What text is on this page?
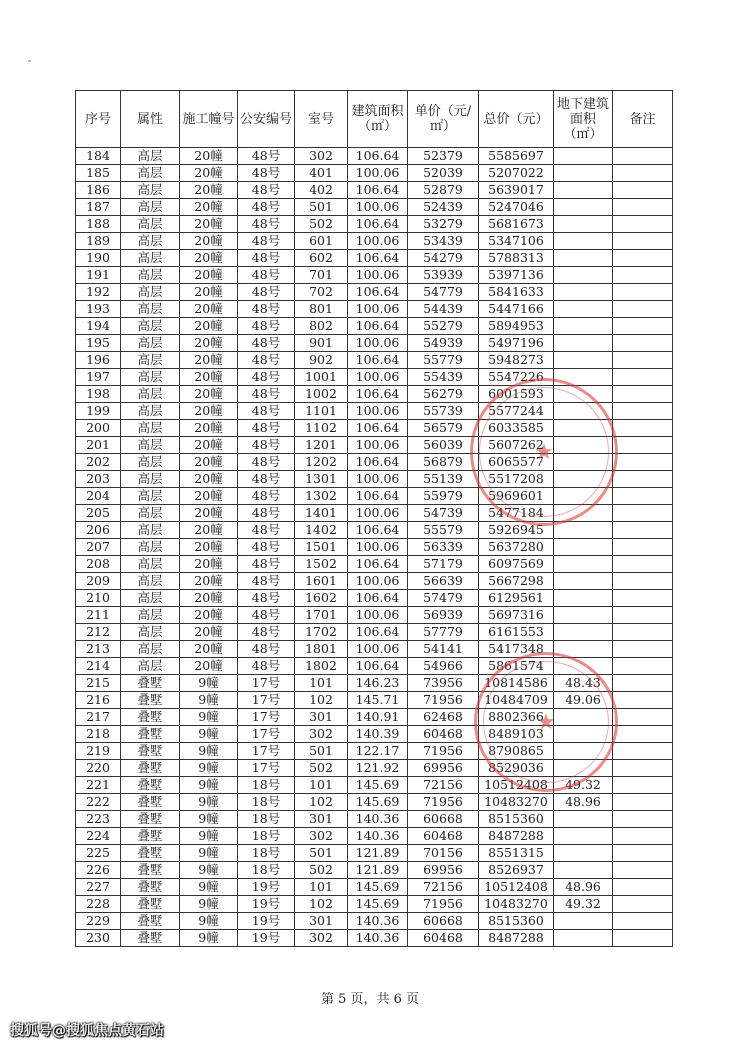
序号	属性	施工幢号	公安编号	室号	建筑面积（㎡）	单价（元/㎡）	总价（元）	地下建筑面积（㎡）	备注
184	高层	20幢	48号	302	106.64	52379	5585697		
185	高层	20幢	48号	401	100.06	52039	5207022		
186	高层	20幢	48号	402	106.64	52879	5639017		
187	高层	20幢	48号	501	100.06	52439	5247046		
188	高层	20幢	48号	502	106.64	53279	5681673		
189	高层	20幢	48号	601	100.06	53439	5347106		
190	高层	20幢	48号	602	106.64	54279	5788313		
191	高层	20幢	48号	701	100.06	53939	5397136		
192	高层	20幢	48号	702	106.64	54779	5841633		
193	高层	20幢	48号	801	100.06	54439	5447166		
194	高层	20幢	48号	802	106.64	55279	5894953		
195	高层	20幢	48号	901	100.06	54939	5497196		
196	高层	20幢	48号	902	106.64	55779	5948273		
197	高层	20幢	48号	1001	100.06	55439	5547226		
198	高层	20幢	48号	1002	106.64	56279	6001593		
199	高层	20幢	48号	1101	100.06	55739	5577244		
200	高层	20幢	48号	1102	106.64	56579	6033585		
201	高层	20幢	48号	1201	100.06	56039	5607262		
202	高层	20幢	48号	1202	106.64	56879	6065577		
203	高层	20幢	48号	1301	100.06	55139	5517208		
204	高层	20幢	48号	1302	106.64	55979	5969601		
205	高层	20幢	48号	1401	100.06	54739	5477184		
206	高层	20幢	48号	1402	106.64	55579	5926945		
207	高层	20幢	48号	1501	100.06	56339	5637280		
208	高层	20幢	48号	1502	106.64	57179	6097569		
209	高层	20幢	48号	1601	100.06	56639	5667298		
210	高层	20幢	48号	1602	106.64	57479	6129561		
211	高层	20幢	48号	1701	100.06	56939	5697316		
212	高层	20幢	48号	1702	106.64	57779	6161553		
213	高层	20幢	48号	1801	100.06	54141	5417348		
214	高层	20幢	48号	1802	106.64	54966	5861574		
215	叠墅	9幢	17号	101	146.23	73956	10814586	48.43	
216	叠墅	9幢	17号	102	145.71	71956	10484709	49.06	
217	叠墅	9幢	17号	301	140.91	62468	8802366		
218	叠墅	9幢	17号	302	140.39	60468	8489103		
219	叠墅	9幢	17号	501	122.17	71956	8790865		
220	叠墅	9幢	17号	502	121.92	69956	8529036		
221	叠墅	9幢	18号	101	145.69	72156	10512408	49.32	
222	叠墅	9幢	18号	102	145.69	71956	10483270	48.96	
223	叠墅	9幢	18号	301	140.36	60668	8515360		
224	叠墅	9幢	18号	302	140.36	60468	8487288		
225	叠墅	9幢	18号	501	121.89	70156	8551315		
226	叠墅	9幢	18号	502	121.89	69956	8526937		
227	叠墅	9幢	19号	101	145.69	72156	10512408	48.96	
228	叠墅	9幢	19号	102	145.69	71956	10483270	49.32	
229	叠墅	9幢	19号	301	140.36	60668	8515360		
230	叠墅	9幢	19号	302	140.36	60468	8487288		
★
★
第 5 页，共 6 页
搜狐号@搜狐焦点黄石站
